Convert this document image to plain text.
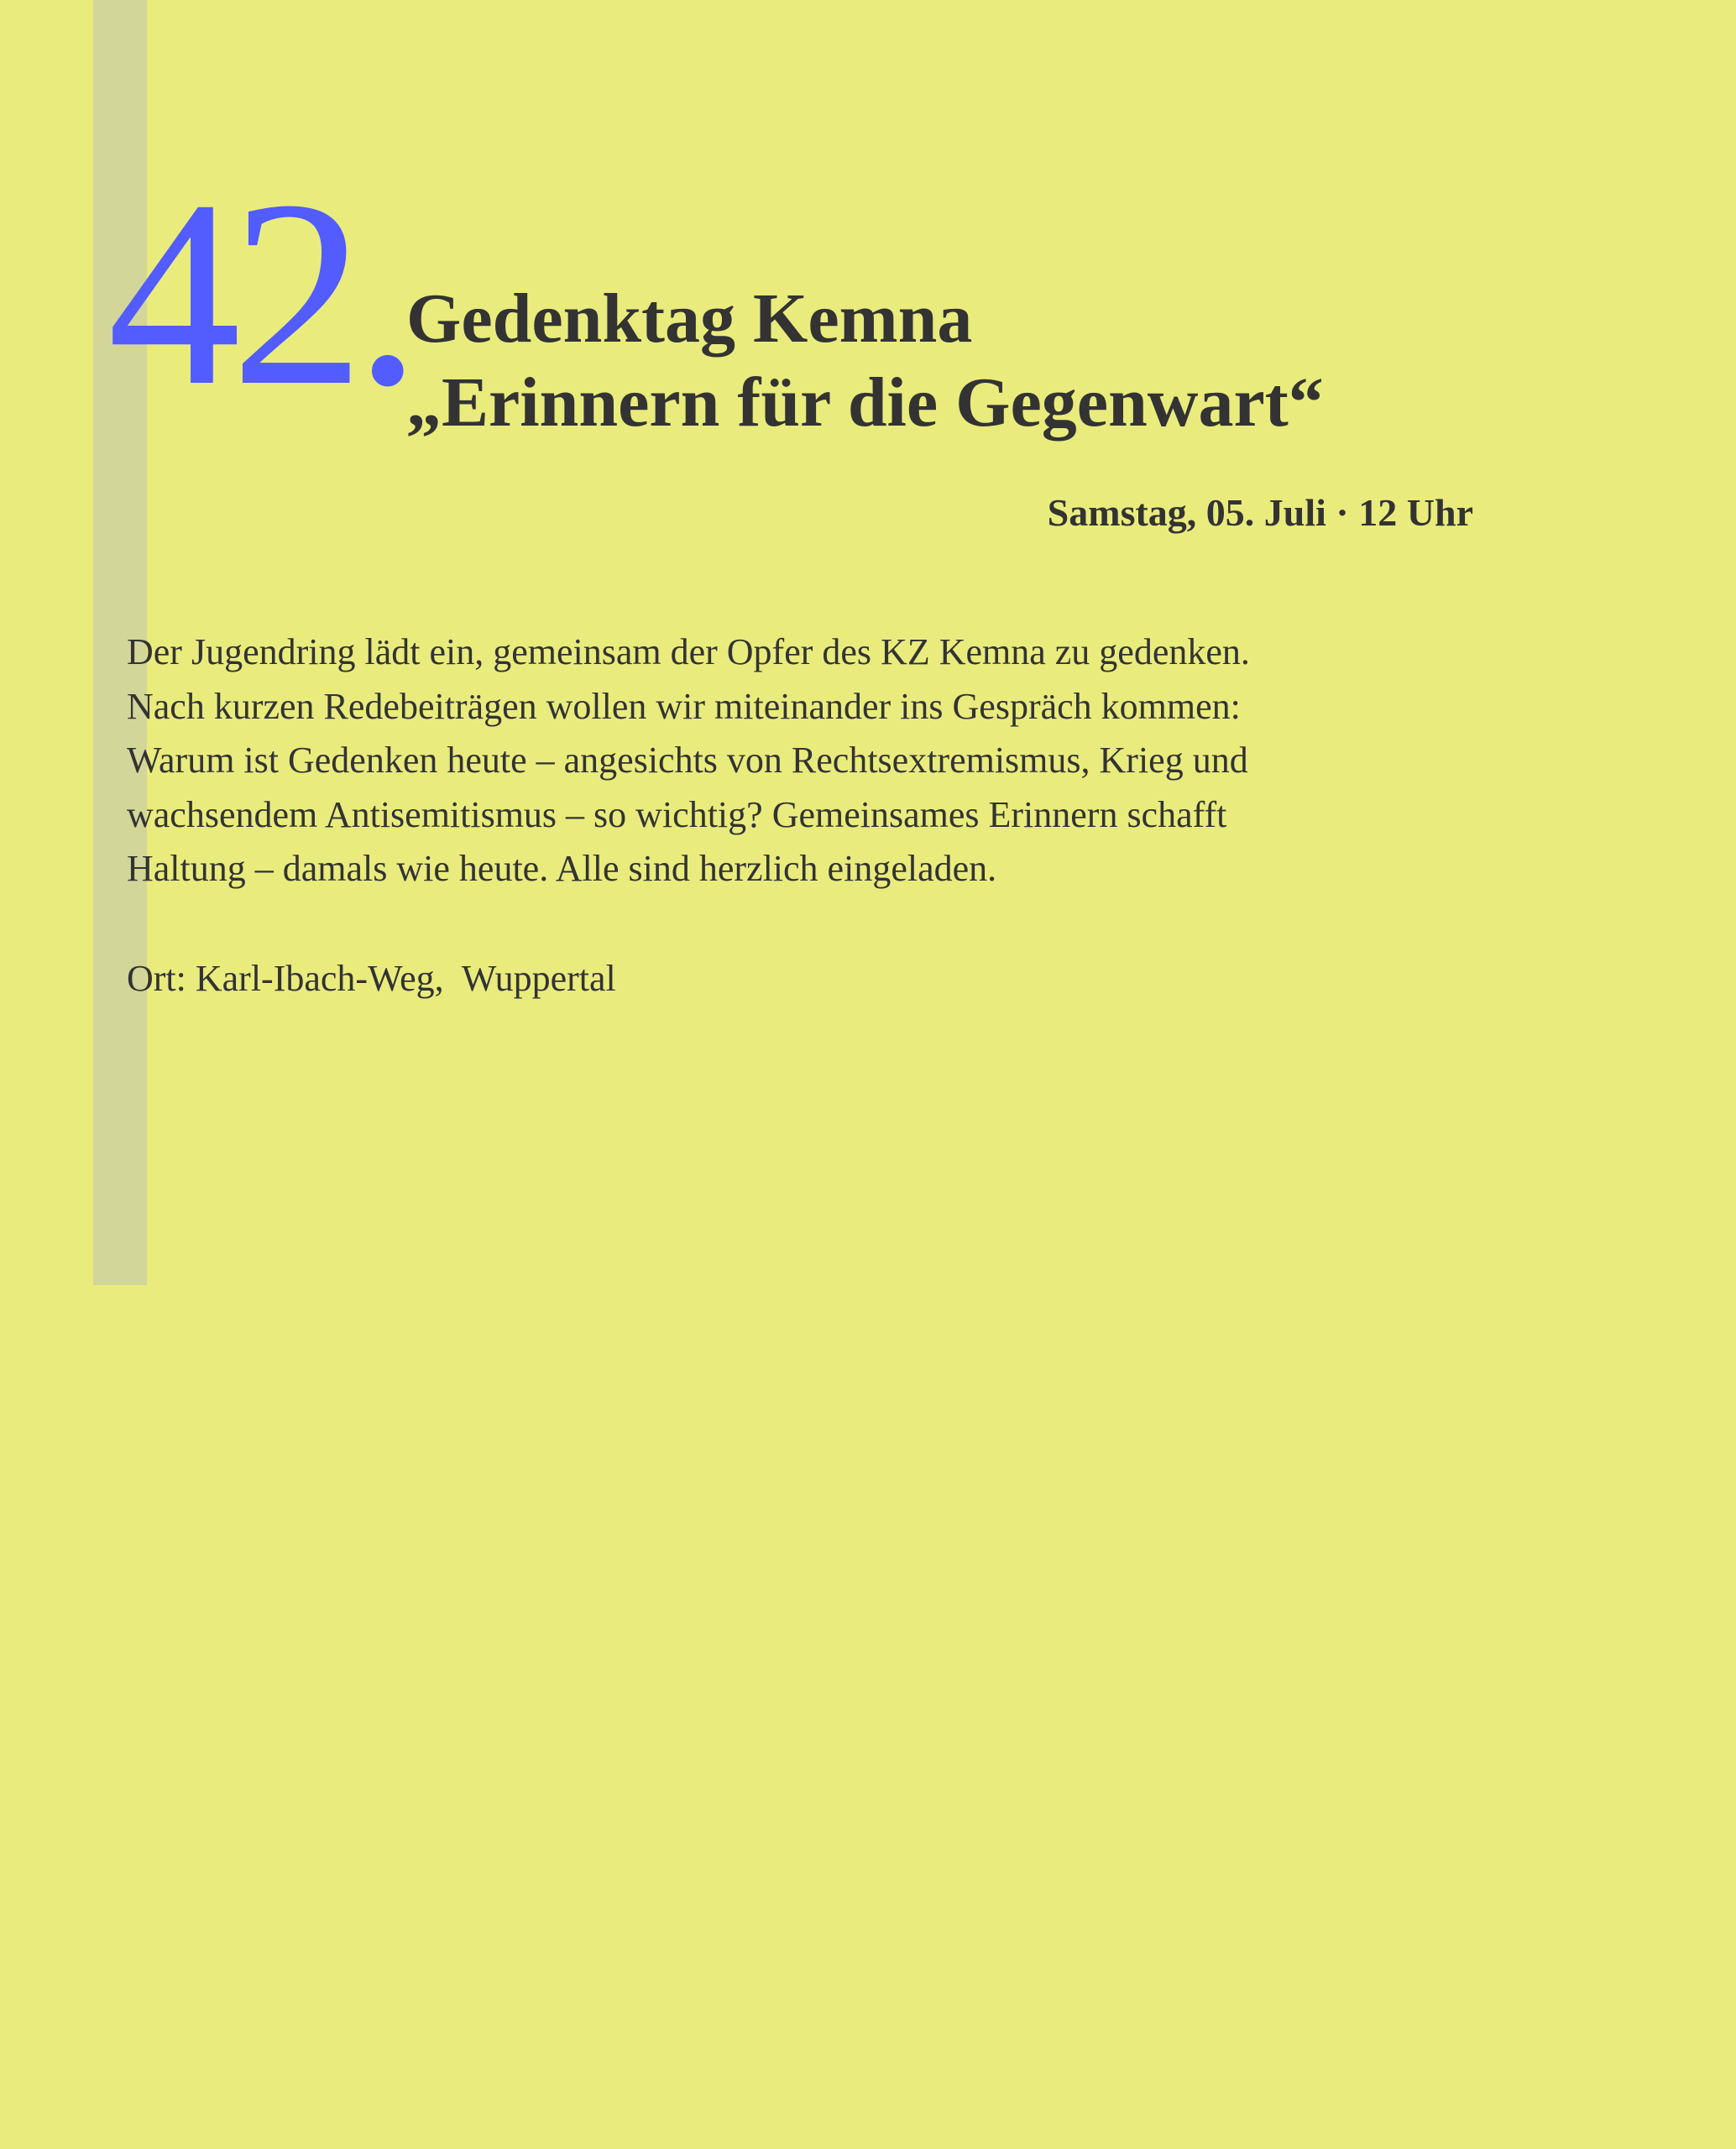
42.
Gedenktag Kemna
„Erinnern für die Gegenwart“
Samstag, 05. Juli · 12 Uhr
Der Jugendring lädt ein, gemeinsam der Opfer des KZ Kemna zu gedenken.
Nach kurzen Redebeiträgen wollen wir miteinander ins Gespräch kommen:
Warum ist Gedenken heute – angesichts von Rechtsextremismus, Krieg und
wachsendem Antisemitismus – so wichtig? Gemeinsames Erinnern schafft
Haltung – damals wie heute. Alle sind herzlich eingeladen.
Ort: Karl-Ibach-Weg,  Wuppertal
